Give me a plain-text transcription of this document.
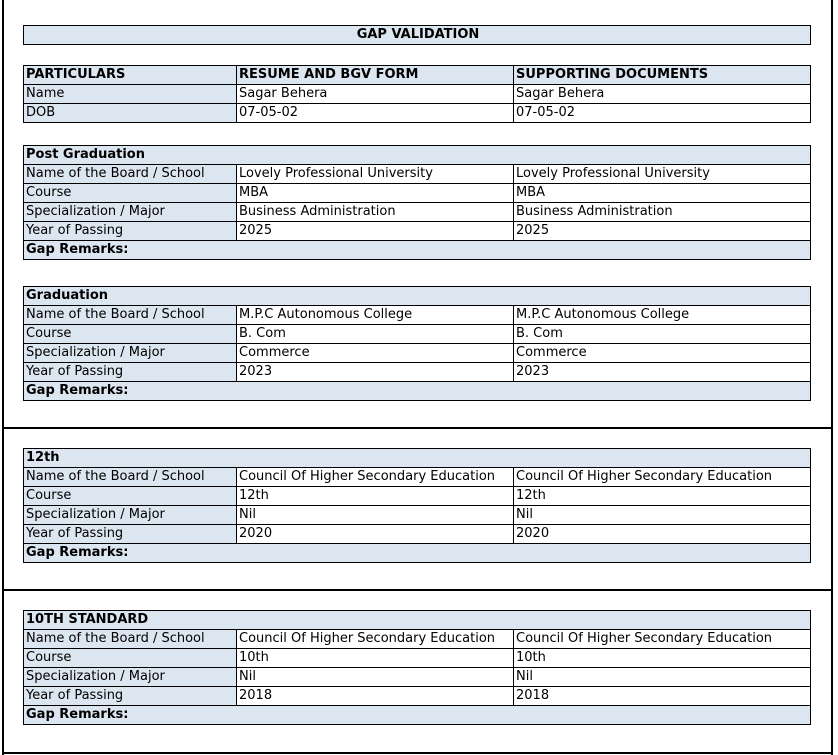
GAP VALIDATION
PARTICULARS	RESUME AND BGV FORM	SUPPORTING DOCUMENTS
Name	Sagar Behera	Sagar Behera
DOB	07-05-02	07-05-02
Post Graduation		
Name of the Board / School	Lovely Professional University	Lovely Professional University
Course	MBA	MBA
Specialization / Major	Business Administration	Business Administration
Year of Passing	2025	2025
Gap Remarks:		
Graduation		
Name of the Board / School	M.P.C Autonomous College	M.P.C Autonomous College
Course	B. Com	B. Com
Specialization / Major	Commerce	Commerce
Year of Passing	2023	2023
Gap Remarks:		
12th		
Name of the Board / School	Council Of Higher Secondary Education	Council Of Higher Secondary Education
Course	12th	12th
Specialization / Major	Nil	Nil
Year of Passing	2020	2020
Gap Remarks:		
10TH STANDARD		
Name of the Board / School	Council Of Higher Secondary Education	Council Of Higher Secondary Education
Course	10th	10th
Specialization / Major	Nil	Nil
Year of Passing	2018	2018
Gap Remarks:		
